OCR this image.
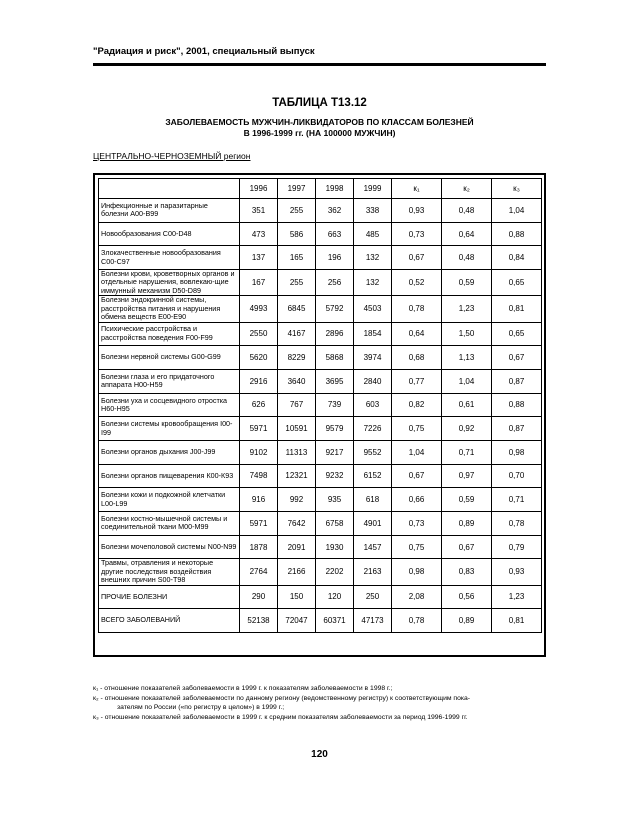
"Радиация и риск", 2001, специальный выпуск
ТАБЛИЦА Т13.12
ЗАБОЛЕВАЕМОСТЬ МУЖЧИН-ЛИКВИДАТОРОВ ПО КЛАССАМ БОЛЕЗНЕЙ
В 1996-1999 гг. (НА 100000 МУЖЧИН)
ЦЕНТРАЛЬНО-ЧЕРНОЗЕМНЫЙ регион
	1996	1997	1998	1999	к₁	к₂	к₃
Инфекционные и паразитарные болезни А00-В99	351	255	362	338	0,93	0,48	1,04
Новообразования С00-D48	473	586	663	485	0,73	0,64	0,88
Злокачественные новообразования С00-С97	137	165	196	132	0,67	0,48	0,84
Болезни крови, кроветворных органов и отдельные нарушения, вовлекаю-щие иммунный механизм D50-D89	167	255	256	132	0,52	0,59	0,65
Болезни эндокринной системы, расстройства питания и нарушения обмена веществ Е00-Е90	4993	6845	5792	4503	0,78	1,23	0,81
Психические расстройства и расстройства поведения F00-F99	2550	4167	2896	1854	0,64	1,50	0,65
Болезни нервной системы G00-G99	5620	8229	5868	3974	0,68	1,13	0,67
Болезни глаза и его придаточного аппарата Н00-Н59	2916	3640	3695	2840	0,77	1,04	0,87
Болезни уха и сосцевидного отростка Н60-Н95	626	767	739	603	0,82	0,61	0,88
Болезни системы кровообращения I00-I99	5971	10591	9579	7226	0,75	0,92	0,87
Болезни органов дыхания J00-J99	9102	11313	9217	9552	1,04	0,71	0,98
Болезни органов пищеварения К00-К93	7498	12321	9232	6152	0,67	0,97	0,70
Болезни кожи и подкожной клетчатки L00-L99	916	992	935	618	0,66	0,59	0,71
Болезни костно-мышечной системы и соединительной ткани М00-М99	5971	7642	6758	4901	0,73	0,89	0,78
Болезни мочеполовой системы N00-N99	1878	2091	1930	1457	0,75	0,67	0,79
Травмы, отравления и некоторые другие последствия воздействия внешних причин S00-Т98	2764	2166	2202	2163	0,98	0,83	0,93
ПРОЧИЕ БОЛЕЗНИ	290	150	120	250	2,08	0,56	1,23
ВСЕГО ЗАБОЛЕВАНИЙ	52138	72047	60371	47173	0,78	0,89	0,81
к₁ - отношение показателей заболеваемости в 1999 г. к показателям заболеваемости в 1998 г.;
к₂ - отношение показателей заболеваемости по данному региону (ведомственному регистру) к соответствующим пока-
зателям по России («по регистру в целом») в 1999 г.;
к₃ - отношение показателей заболеваемости в 1999 г. к средним показателям заболеваемости за период 1996-1999 гг.
120
